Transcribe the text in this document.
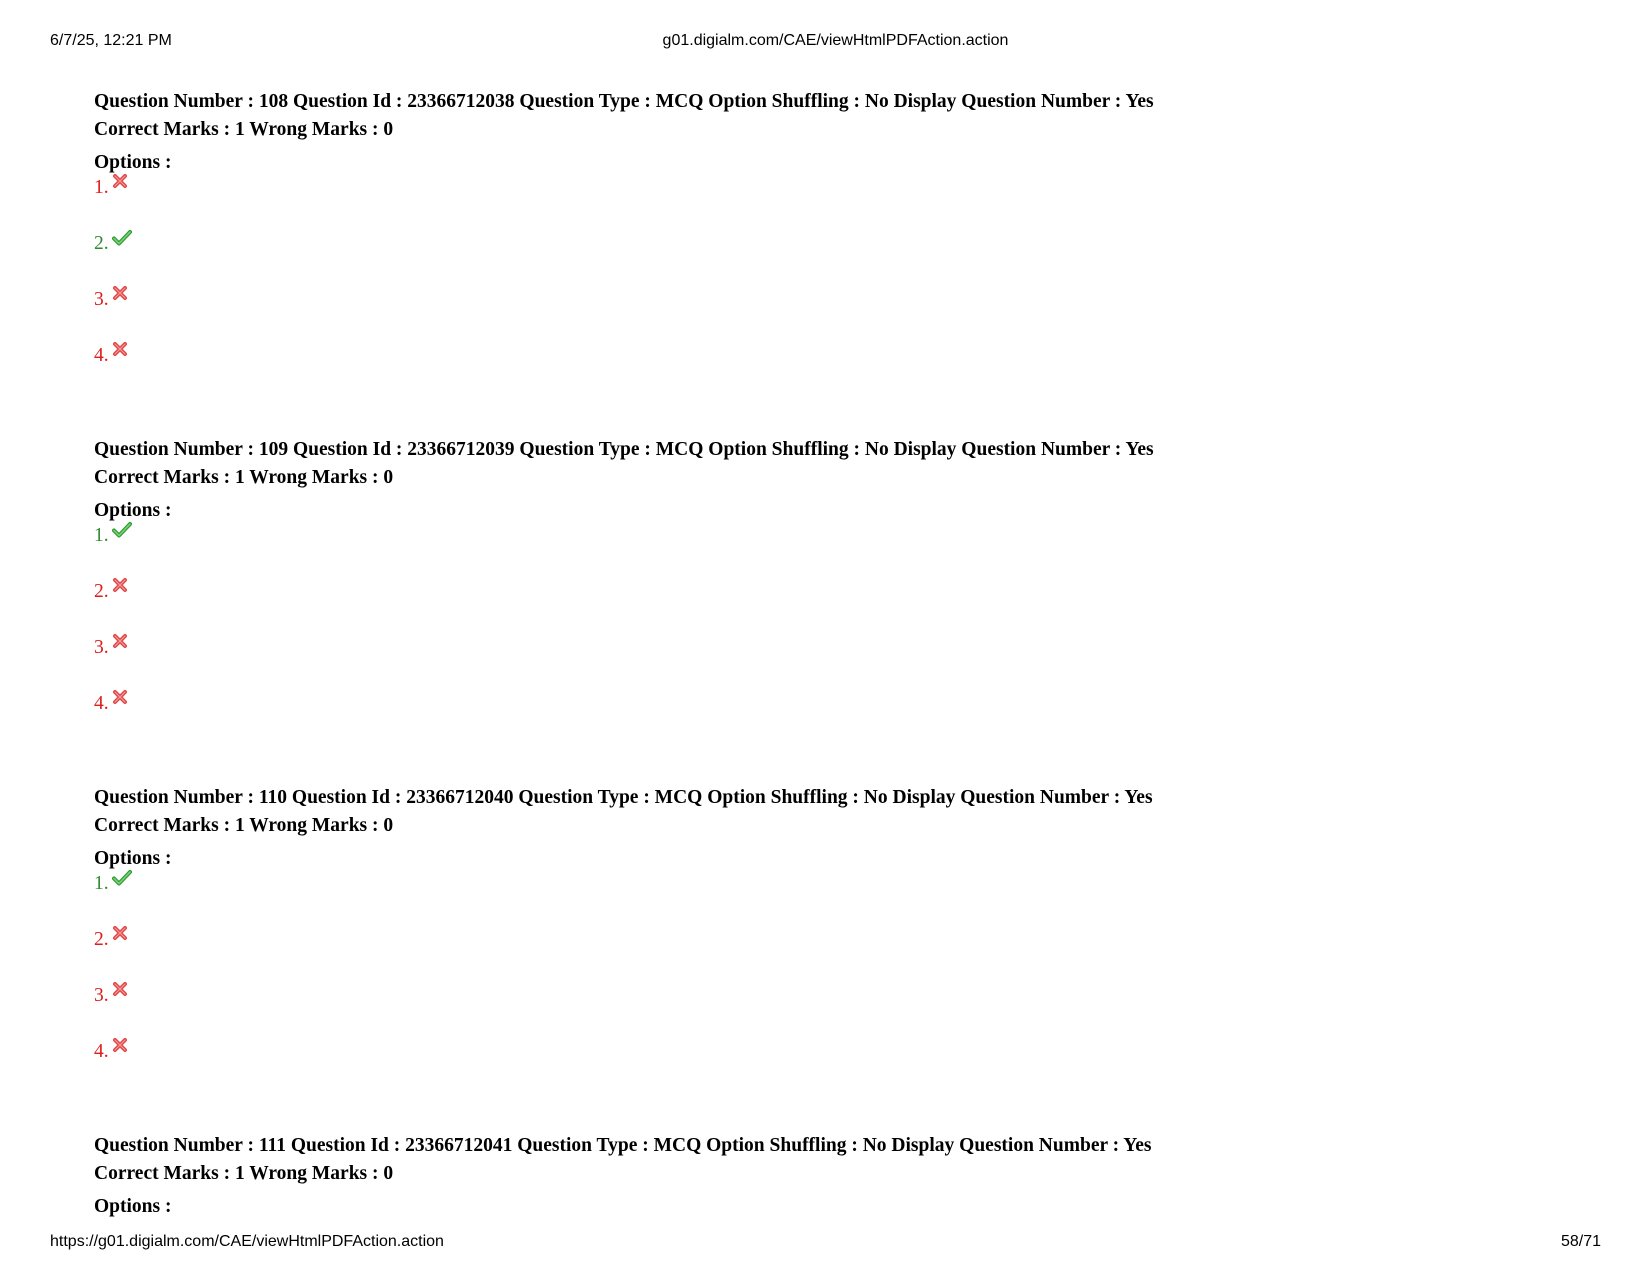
6/7/25, 12:21 PM	g01.digialm.com/CAE/viewHtmlPDFAction.action
Question Number : 108 Question Id : 23366712038 Question Type : MCQ Option Shuffling : No Display Question Number : Yes
Correct Marks : 1 Wrong Marks : 0
Options :
1.
2.
3.
4.
Question Number : 109 Question Id : 23366712039 Question Type : MCQ Option Shuffling : No Display Question Number : Yes
Correct Marks : 1 Wrong Marks : 0
Options :
1.
2.
3.
4.
Question Number : 110 Question Id : 23366712040 Question Type : MCQ Option Shuffling : No Display Question Number : Yes
Correct Marks : 1 Wrong Marks : 0
Options :
1.
2.
3.
4.
Question Number : 111 Question Id : 23366712041 Question Type : MCQ Option Shuffling : No Display Question Number : Yes
Correct Marks : 1 Wrong Marks : 0
Options :
https://g01.digialm.com/CAE/viewHtmlPDFAction.action	58/71
